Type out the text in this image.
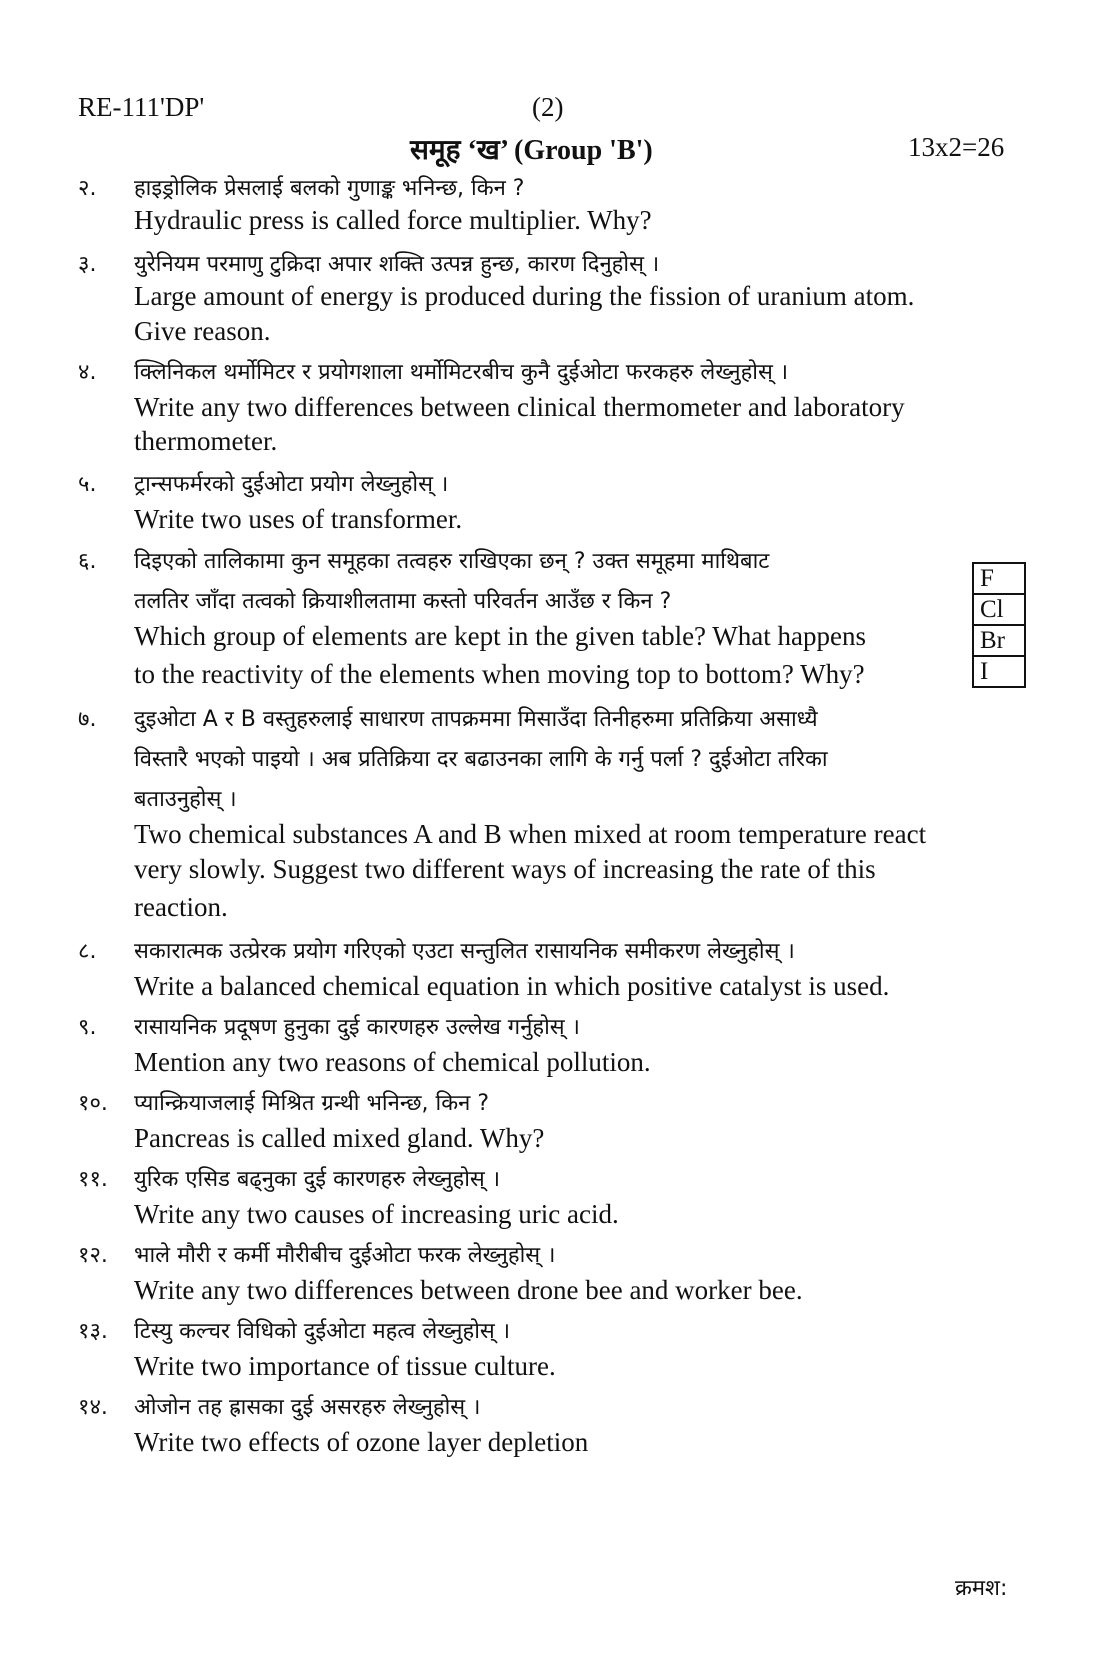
RE-111'DP'	(2)
समूह ‘ख’ (Group 'B')	13x2=26
२. हाइड्रोलिक प्रेसलाई बलको गुणाङ्क भनिन्छ, किन ?
Hydraulic press is called force multiplier. Why?
३. युरेनियम परमाणु टुक्रिदा अपार शक्ति उत्पन्न हुन्छ, कारण दिनुहोस् ।
Large amount of energy is produced during the fission of uranium atom.
Give reason.
४. क्लिनिकल थर्मोमिटर र प्रयोगशाला थर्मोमिटरबीच कुनै दुईओटा फरकहरु लेख्नुहोस् ।
Write any two differences between clinical thermometer and laboratory
thermometer.
५. ट्रान्सफर्मरको दुईओटा प्रयोग लेख्नुहोस् ।
Write two uses of transformer.
६. दिइएको तालिकामा कुन समूहका तत्वहरु राखिएका छन् ? उक्त समूहमा माथिबाट
तलतिर जाँदा तत्वको क्रियाशीलतामा कस्तो परिवर्तन आउँछ र किन ?
Which group of elements are kept in the given table? What happens
to the reactivity of the elements when moving top to bottom? Why?
F
Cl
Br
I
७. दुइओटा A र B वस्तुहरुलाई साधारण तापक्रममा मिसाउँदा तिनीहरुमा प्रतिक्रिया असाध्यै
विस्तारै भएको पाइयो । अब प्रतिक्रिया दर बढाउनका लागि के गर्नु पर्ला ? दुईओटा तरिका
बताउनुहोस् ।
Two chemical substances A and B when mixed at room temperature react
very slowly. Suggest two different ways of increasing the rate of this
reaction.
८. सकारात्मक उत्प्रेरक प्रयोग गरिएको एउटा सन्तुलित रासायनिक समीकरण लेख्नुहोस् ।
Write a balanced chemical equation in which positive catalyst is used.
९. रासायनिक प्रदूषण हुनुका दुई कारणहरु उल्लेख गर्नुहोस् ।
Mention any two reasons of chemical pollution.
१०. प्यान्क्रियाजलाई मिश्रित ग्रन्थी भनिन्छ, किन ?
Pancreas is called mixed gland. Why?
११. युरिक एसिड बढ्नुका दुई कारणहरु लेख्नुहोस् ।
Write any two causes of increasing uric acid.
१२. भाले मौरी र कर्मी मौरीबीच दुईओटा फरक लेख्नुहोस् ।
Write any two differences between drone bee and worker bee.
१३. टिस्यु कल्चर विधिको दुईओटा महत्व लेख्नुहोस् ।
Write two importance of tissue culture.
१४. ओजोन तह ह्रासका दुई असरहरु लेख्नुहोस् ।
Write two effects of ozone layer depletion
क्रमश:
